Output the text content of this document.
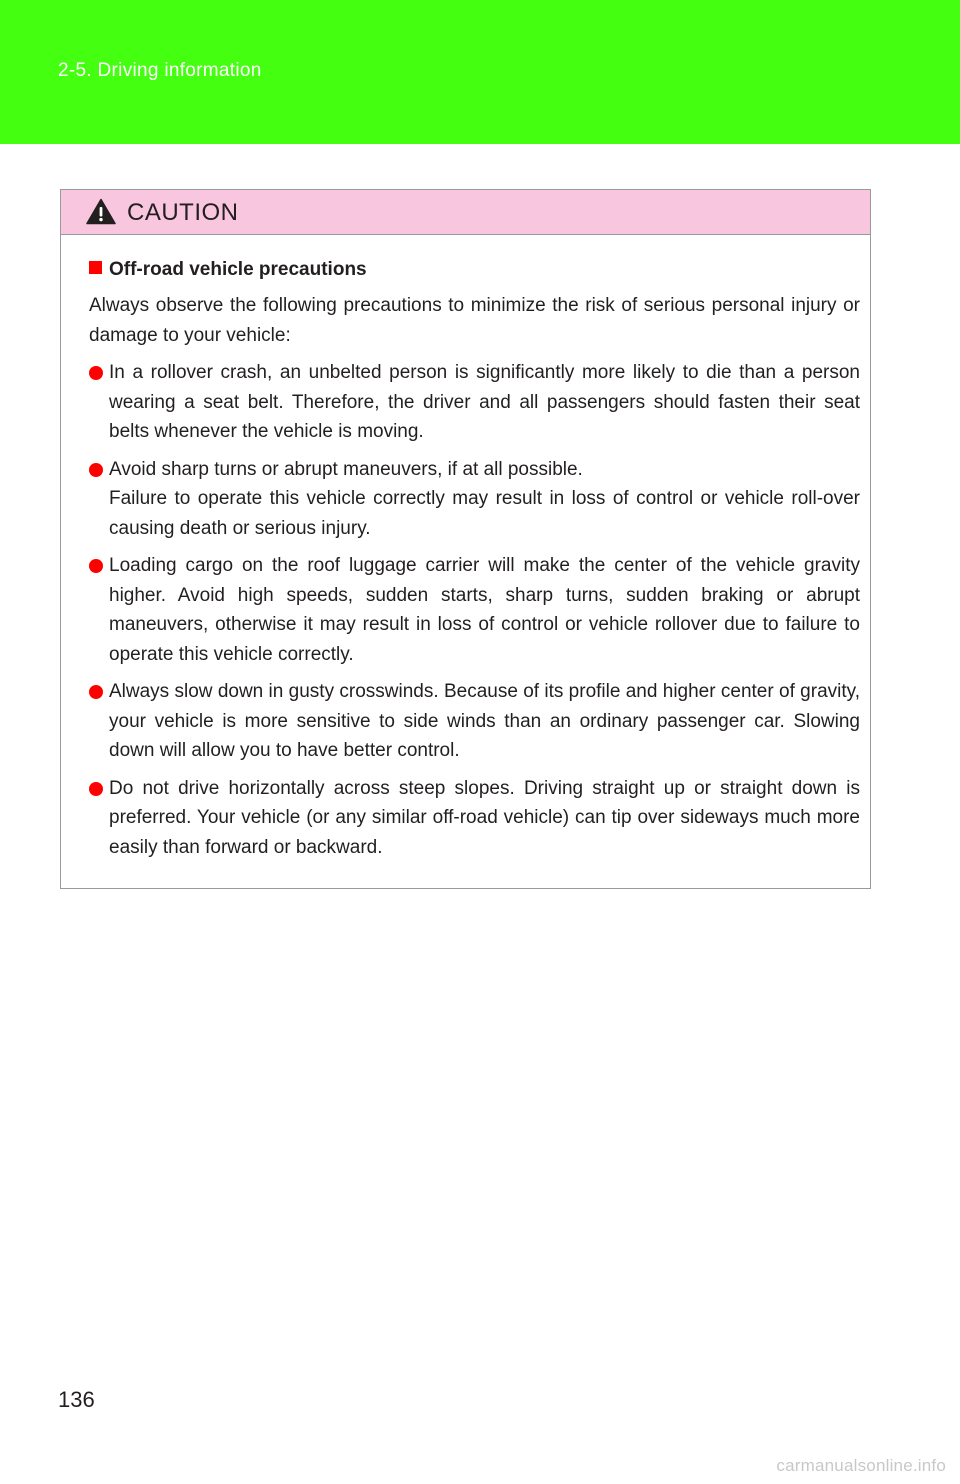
2-5. Driving information
CAUTION
Off-road vehicle precautions
Always observe the following precautions to minimize the risk of serious personal injury or damage to your vehicle:
In a rollover crash, an unbelted person is significantly more likely to die than a person wearing a seat belt. Therefore, the driver and all passengers should fasten their seat belts whenever the vehicle is moving.
Avoid sharp turns or abrupt maneuvers, if at all possible.
Failure to operate this vehicle correctly may result in loss of control or vehicle roll-over causing death or serious injury.
Loading cargo on the roof luggage carrier will make the center of the vehicle gravity higher. Avoid high speeds, sudden starts, sharp turns, sudden braking or abrupt maneuvers, otherwise it may result in loss of control or vehicle rollover due to failure to operate this vehicle correctly.
Always slow down in gusty crosswinds. Because of its profile and higher center of gravity, your vehicle is more sensitive to side winds than an ordinary passenger car. Slowing down will allow you to have better control.
Do not drive horizontally across steep slopes. Driving straight up or straight down is preferred. Your vehicle (or any similar off-road vehicle) can tip over sideways much more easily than forward or backward.
136
carmanualsonline.info
